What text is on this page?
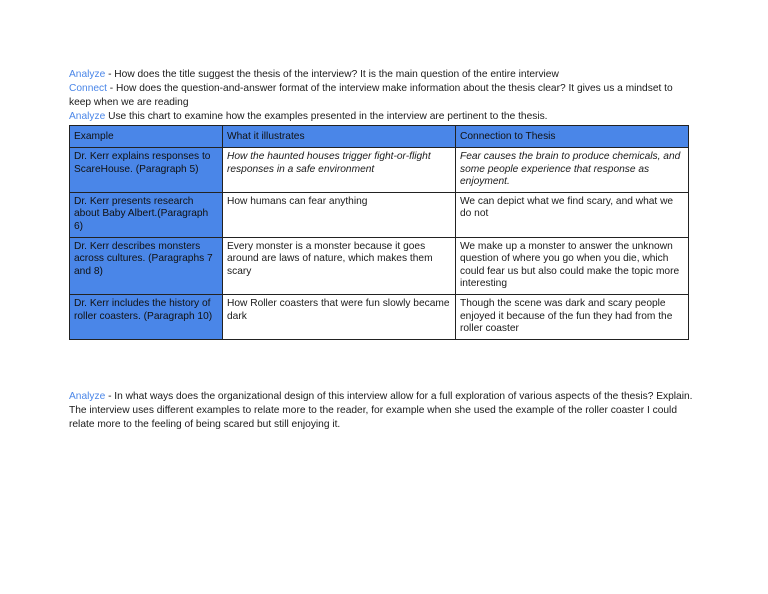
Analyze - How does the title suggest the thesis of the interview? It is the main question of the entire interview
Connect - How does the question-and-answer format of the interview make information about the thesis clear? It gives us a mindset to keep when we are reading
Analyze Use this chart to examine how the examples presented in the interview are pertinent to the thesis.
Example	What it illustrates	Connection to Thesis
Dr. Kerr explains responses to ScareHouse. (Paragraph 5)	How the haunted houses trigger fight-or-flight responses in a safe environment	Fear causes the brain to produce chemicals, and some people experience that response as enjoyment.
Dr. Kerr presents research about Baby Albert.(Paragraph 6)	How humans can fear anything	We can depict what we find scary, and what we do not
Dr. Kerr describes monsters across cultures. (Paragraphs 7 and 8)	Every monster is a monster because it goes around are laws of nature, which makes them scary	We make up a monster to answer the unknown question of where you go when you die, which could fear us but also could make the topic more interesting
Dr. Kerr includes the history of roller coasters. (Paragraph 10)	How Roller coasters that were fun slowly became dark	Though the scene was dark and scary people enjoyed it because of the fun they had from the roller coaster
Analyze - In what ways does the organizational design of this interview allow for a full exploration of various aspects of the thesis? Explain. The interview uses different examples to relate more to the reader, for example when she used the example of the roller coaster I could relate more to the feeling of being scared but still enjoying it.
